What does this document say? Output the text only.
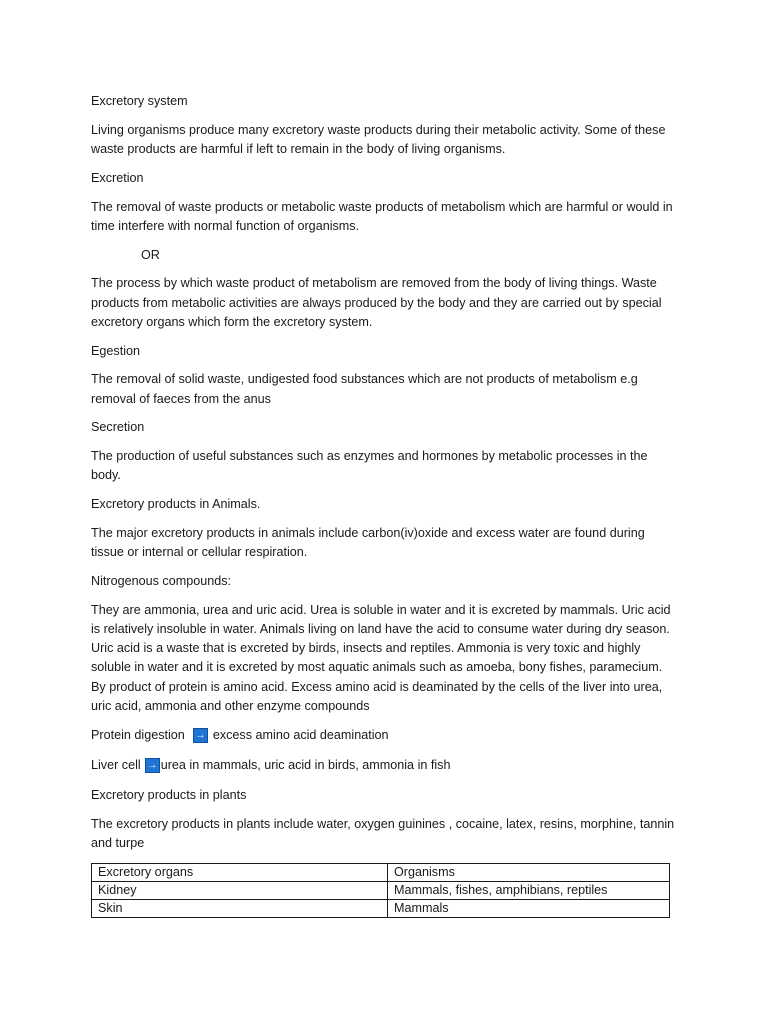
Excretory system

Living organisms produce many excretory waste products during their metabolic activity. Some of these waste products are harmful if left to remain in the body of living organisms.

Excretion

The removal of waste products or metabolic waste products of metabolism which are harmful or would in time interfere with normal function of organisms.

OR

The process by which waste product of metabolism are removed from the body of living things. Waste products from metabolic activities are always produced by the body and they are carried out by special excretory organs which form the excretory system.

Egestion

The removal of solid waste, undigested food substances which are not products of metabolism e.g removal of faeces from the anus

Secretion

The production of useful substances such as enzymes and hormones by metabolic processes in the body.

Excretory products in Animals.

The major excretory products in animals include carbon(iv)oxide and excess water are found during tissue or internal or cellular respiration.

Nitrogenous compounds:

They are ammonia, urea and uric acid. Urea is soluble in water and it is excreted by mammals. Uric acid is relatively insoluble in water. Animals living on land have the acid to consume water during dry season. Uric acid is a waste that is excreted by birds, insects and reptiles. Ammonia is very toxic and highly soluble in water and it is excreted by most aquatic animals such as amoeba, bony fishes, paramecium. By product of protein is amino acid. Excess amino acid is deaminated by the cells of the liver into urea, uric acid, ammonia and other enzyme compounds

Protein digestion → excess amino acid deamination
Liver cell → urea in mammals, uric acid in birds, ammonia in fish

Excretory products in plants

The excretory products in plants include water, oxygen guinines , cocaine, latex, resins, morphine, tannin and turpe

Excretory organs	Organisms
Kidney	Mammals, fishes, amphibians, reptiles
Skin	Mammals
